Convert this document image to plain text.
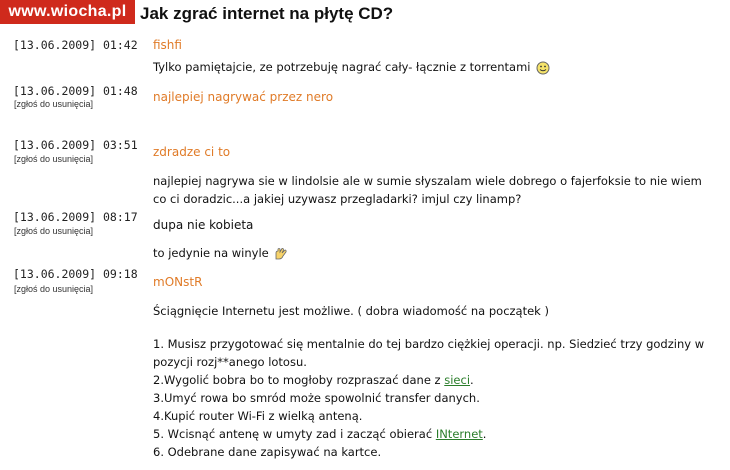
www.wiocha.pl Jak zgrać internet na płytę CD?
[13.06.2009] 01:42 fishfi
Tylko pamiętajcie, ze potrzebuję nagrać cały- łącznie z torrentami
[13.06.2009] 01:48
[zgłoś do usunięcia]	najlepiej nagrywać przez nero
[13.06.2009] 03:51
[zgłoś do usunięcia]	zdradze ci to
najlepiej nagrywa sie w lindolsie ale w sumie słyszalam wiele dobrego o fajerfoksie to nie wiem co ci doradzic...a jakiej uzywasz przegladarki? imjul czy linamp?
[13.06.2009] 08:17
[zgłoś do usunięcia]	dupa nie kobieta
to jedynie na winyle
[13.06.2009] 09:18
[zgłoś do usunięcia]	mONstR
Ściągnięcie Internetu jest możliwe. ( dobra wiadomość na początek )
1. Musisz przygotować się mentalnie do tej bardzo ciężkiej operacji. np. Siedzieć trzy godziny w pozycji rozj**anego lotosu.
2.Wygolić bobra bo to mogłoby rozpraszać dane z sieci.
3.Umyć rowa bo smród może spowolnić transfer danych.
4.Kupić router Wi-Fi z wielką anteną.
5. Wcisnąć antenę w umyty zad i zacząć obierać INternet.
6. Odebrane dane zapisywać na kartce.
